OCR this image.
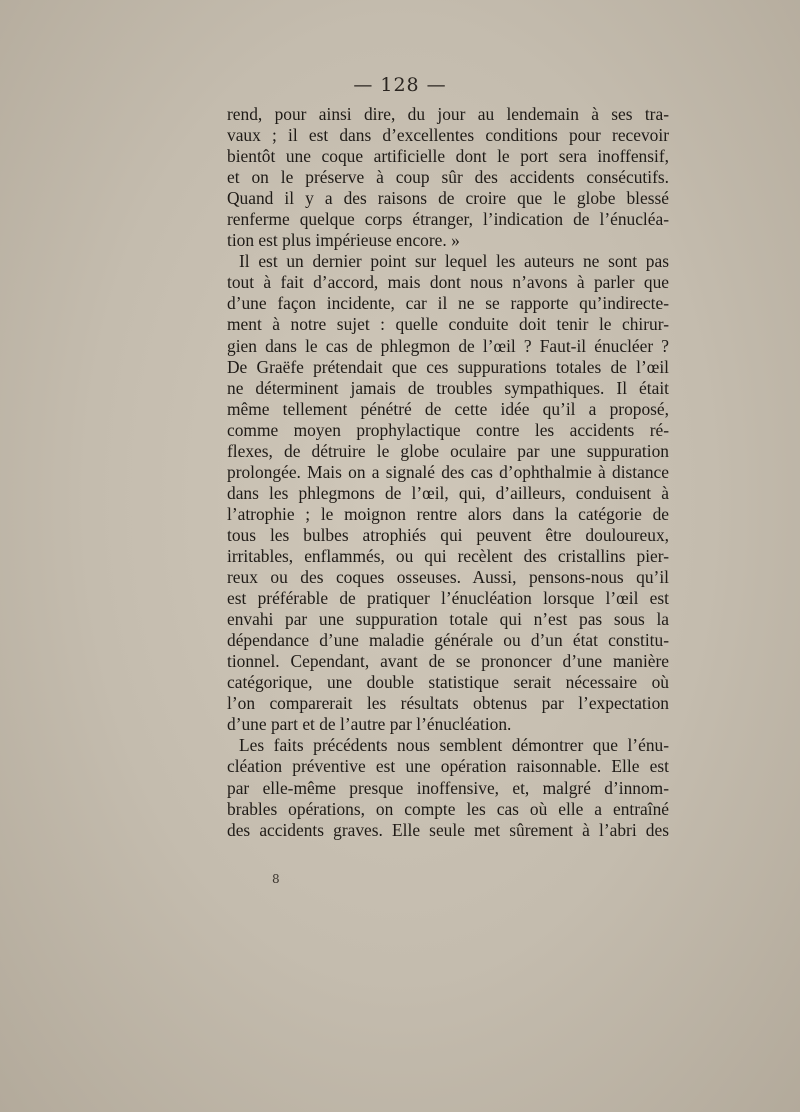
— 128 —
rend, pour ainsi dire, du jour au lendemain à ses tra-
vaux ; il est dans d’excellentes conditions pour recevoir
bientôt une coque artificielle dont le port sera inoffensif,
et on le préserve à coup sûr des accidents consécutifs.
Quand il y a des raisons de croire que le globe blessé
renferme quelque corps étranger, l’indication de l’énucléa-
tion est plus impérieuse encore. »
Il est un dernier point sur lequel les auteurs ne sont pas
tout à fait d’accord, mais dont nous n’avons à parler que
d’une façon incidente, car il ne se rapporte qu’indirecte-
ment à notre sujet : quelle conduite doit tenir le chirur-
gien dans le cas de phlegmon de l’œil ? Faut-il énucléer ?
De Graëfe prétendait que ces suppurations totales de l’œil
ne déterminent jamais de troubles sympathiques. Il était
même tellement pénétré de cette idée qu’il a proposé,
comme moyen prophylactique contre les accidents ré-
flexes, de détruire le globe oculaire par une suppuration
prolongée. Mais on a signalé des cas d’ophthalmie à distance
dans les phlegmons de l’œil, qui, d’ailleurs, conduisent à
l’atrophie ; le moignon rentre alors dans la catégorie de
tous les bulbes atrophiés qui peuvent être douloureux,
irritables, enflammés, ou qui recèlent des cristallins pier-
reux ou des coques osseuses. Aussi, pensons-nous qu’il
est préférable de pratiquer l’énucléation lorsque l’œil est
envahi par une suppuration totale qui n’est pas sous la
dépendance d’une maladie générale ou d’un état constitu-
tionnel. Cependant, avant de se prononcer d’une manière
catégorique, une double statistique serait nécessaire où
l’on comparerait les résultats obtenus par l’expectation
d’une part et de l’autre par l’énucléation.
Les faits précédents nous semblent démontrer que l’énu-
cléation préventive est une opération raisonnable. Elle est
par elle-même presque inoffensive, et, malgré d’innom-
brables opérations, on compte les cas où elle a entraîné
des accidents graves. Elle seule met sûrement à l’abri des
8
